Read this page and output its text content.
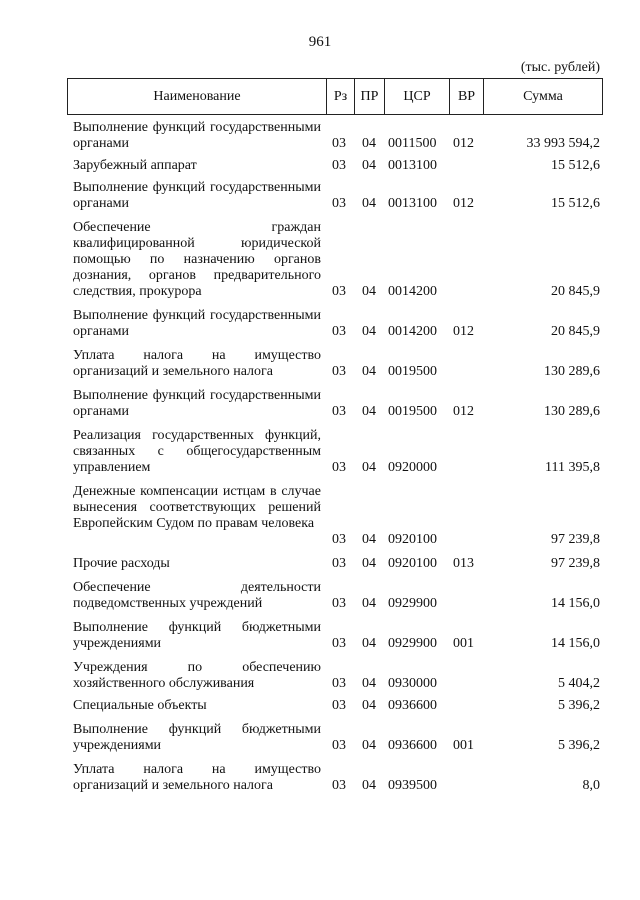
961
(тыс. рублей)
Наименование	Рз ПР	ЦСР	ВР	Сумма
Выполнение функций государственными органами	03 04 0011500 012	33 993 594,2
Зарубежный аппарат	03 04 0013100	15 512,6
Выполнение функций государственными органами	03 04 0013100 012	15 512,6
Обеспечение граждан квалифицированной юридической помощью по назначению органов дознания, органов предварительного следствия, прокурора	03 04 0014200	20 845,9
Выполнение функций государственными органами	03 04 0014200 012	20 845,9
Уплата налога на имущество организаций и земельного налога	03 04 0019500	130 289,6
Выполнение функций государственными органами	03 04 0019500 012	130 289,6
Реализация государственных функций, связанных с общегосударственным управлением	03 04 0920000	111 395,8
Денежные компенсации истцам в случае вынесения соответствующих решений Европейским Судом по правам человека
03 04 0920100	97 239,8
Прочие расходы	03 04 0920100 013	97 239,8
Обеспечение деятельности подведомственных учреждений	03 04 0929900	14 156,0
Выполнение функций бюджетными учреждениями	03 04 0929900 001	14 156,0
Учреждения по обеспечению хозяйственного обслуживания	03 04 0930000	5 404,2
Специальные объекты	03 04 0936600	5 396,2
Выполнение функций бюджетными учреждениями	03 04 0936600 001	5 396,2
Уплата налога на имущество организаций и земельного налога	03 04 0939500	8,0
